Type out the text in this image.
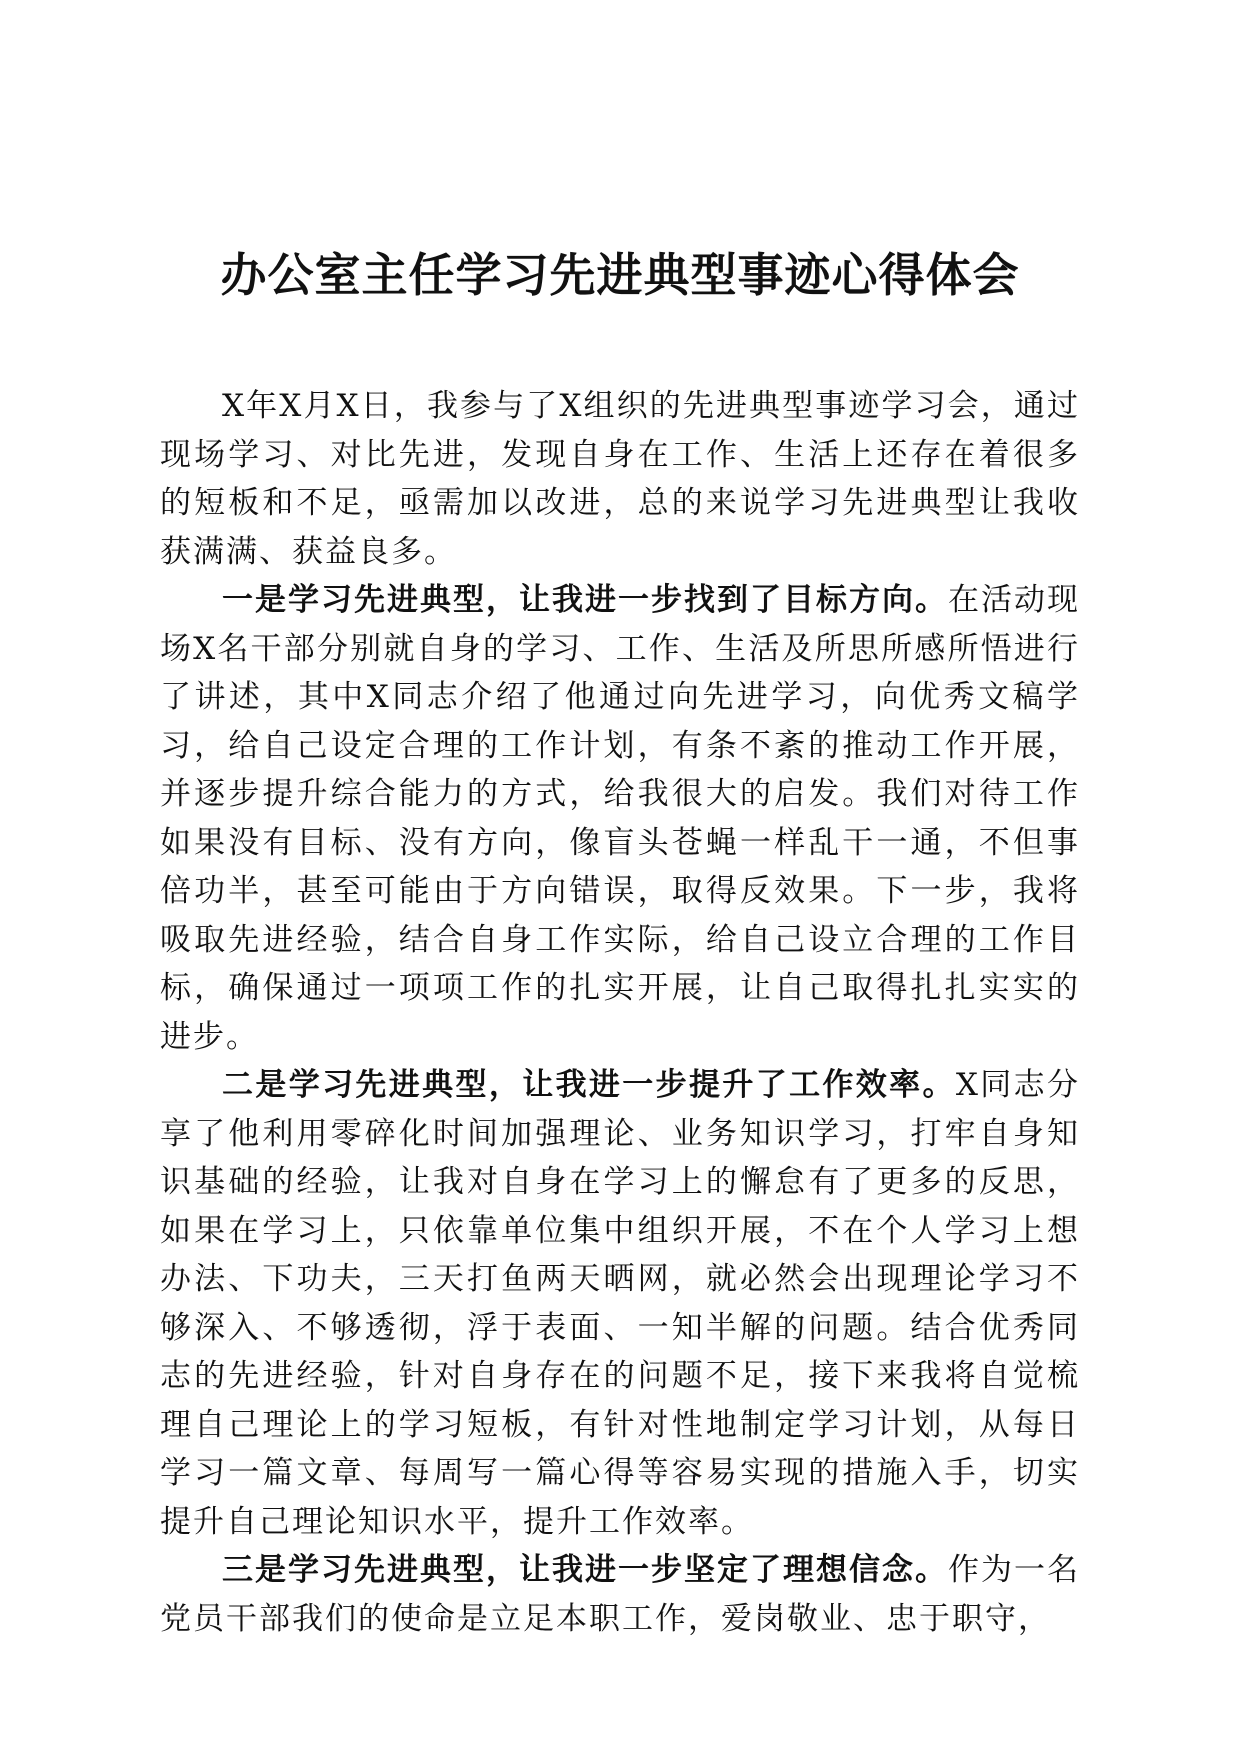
办公室主任学习先进典型事迹心得体会

X年X月X日，我参与了X组织的先进典型事迹学习会，通过现场学习、对比先进，发现自身在工作、生活上还存在着很多的短板和不足，亟需加以改进，总的来说学习先进典型让我收获满满、获益良多。

一是学习先进典型，让我进一步找到了目标方向。在活动现场X名干部分别就自身的学习、工作、生活及所思所感所悟进行了讲述，其中X同志介绍了他通过向先进学习，向优秀文稿学习，给自己设定合理的工作计划，有条不紊的推动工作开展，并逐步提升综合能力的方式，给我很大的启发。我们对待工作如果没有目标、没有方向，像盲头苍蝇一样乱干一通，不但事倍功半，甚至可能由于方向错误，取得反效果。下一步，我将吸取先进经验，结合自身工作实际，给自己设立合理的工作目标，确保通过一项项工作的扎实开展，让自己取得扎扎实实的进步。

二是学习先进典型，让我进一步提升了工作效率。X同志分享了他利用零碎化时间加强理论、业务知识学习，打牢自身知识基础的经验，让我对自身在学习上的懈怠有了更多的反思，如果在学习上，只依靠单位集中组织开展，不在个人学习上想办法、下功夫，三天打鱼两天晒网，就必然会出现理论学习不够深入、不够透彻，浮于表面、一知半解的问题。结合优秀同志的先进经验，针对自身存在的问题不足，接下来我将自觉梳理自己理论上的学习短板，有针对性地制定学习计划，从每日学习一篇文章、每周写一篇心得等容易实现的措施入手，切实提升自己理论知识水平，提升工作效率。

三是学习先进典型，让我进一步坚定了理想信念。作为一名党员干部我们的使命是立足本职工作，爱岗敬业、忠于职守，
